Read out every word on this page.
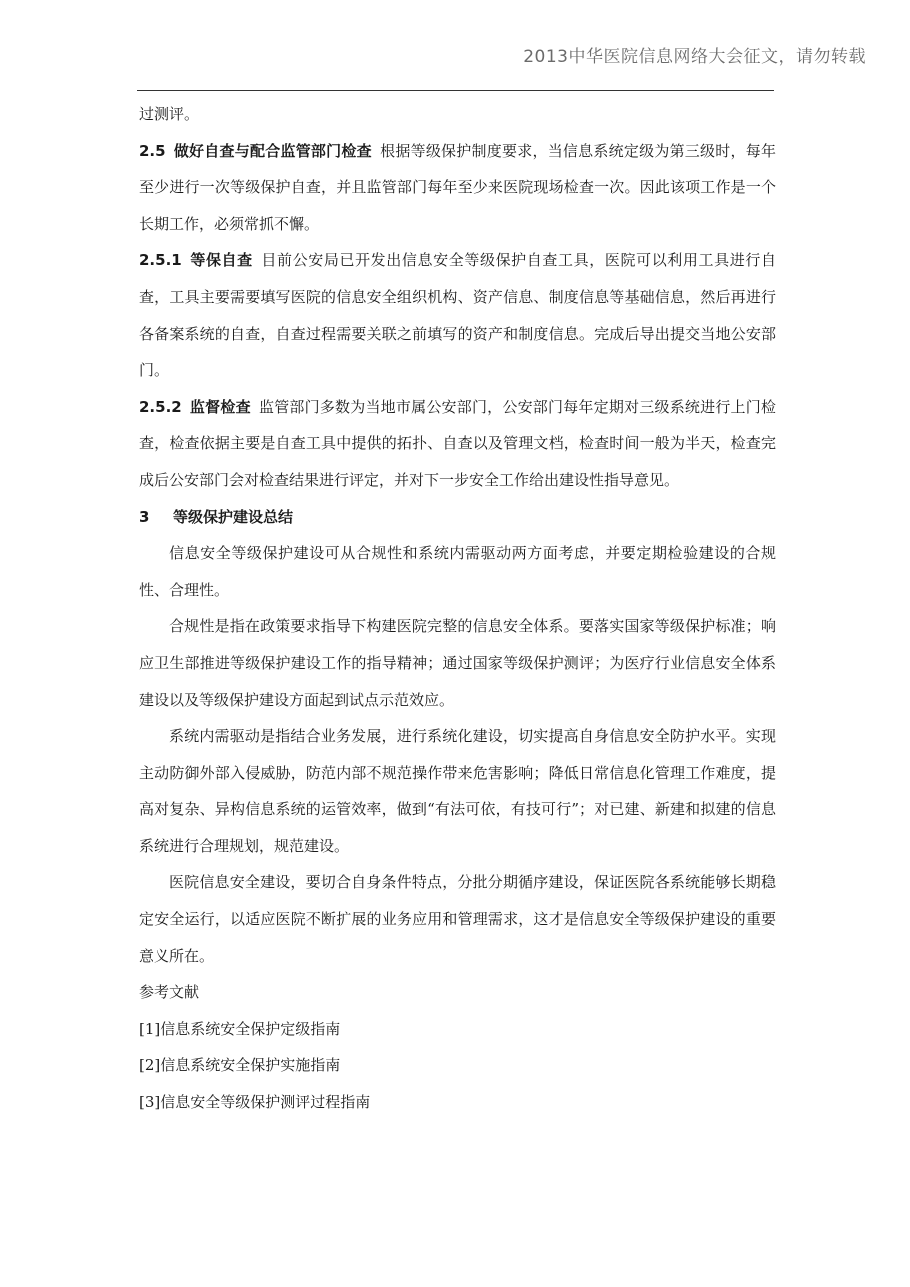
2013中华医院信息网络大会征文，请勿转载

过测评。

2.5 做好自查与配合监管部门检查 根据等级保护制度要求，当信息系统定级为第三级时，每年至少进行一次等级保护自查，并且监管部门每年至少来医院现场检查一次。因此该项工作是一个长期工作，必须常抓不懈。

2.5.1 等保自查 目前公安局已开发出信息安全等级保护自查工具，医院可以利用工具进行自查，工具主要需要填写医院的信息安全组织机构、资产信息、制度信息等基础信息，然后再进行各备案系统的自查，自查过程需要关联之前填写的资产和制度信息。完成后导出提交当地公安部门。

2.5.2 监督检查 监管部门多数为当地市属公安部门，公安部门每年定期对三级系统进行上门检查，检查依据主要是自查工具中提供的拓扑、自查以及管理文档，检查时间一般为半天，检查完成后公安部门会对检查结果进行评定，并对下一步安全工作给出建设性指导意见。

3 等级保护建设总结

信息安全等级保护建设可从合规性和系统内需驱动两方面考虑，并要定期检验建设的合规性、合理性。

合规性是指在政策要求指导下构建医院完整的信息安全体系。要落实国家等级保护标准；响应卫生部推进等级保护建设工作的指导精神；通过国家等级保护测评；为医疗行业信息安全体系建设以及等级保护建设方面起到试点示范效应。

系统内需驱动是指结合业务发展，进行系统化建设，切实提高自身信息安全防护水平。实现主动防御外部入侵威胁，防范内部不规范操作带来危害影响；降低日常信息化管理工作难度，提高对复杂、异构信息系统的运管效率，做到“有法可依，有技可行”；对已建、新建和拟建的信息系统进行合理规划，规范建设。

医院信息安全建设，要切合自身条件特点，分批分期循序建设，保证医院各系统能够长期稳定安全运行，以适应医院不断扩展的业务应用和管理需求，这才是信息安全等级保护建设的重要意义所在。

参考文献

[1]信息系统安全保护定级指南

[2]信息系统安全保护实施指南

[3]信息安全等级保护测评过程指南
